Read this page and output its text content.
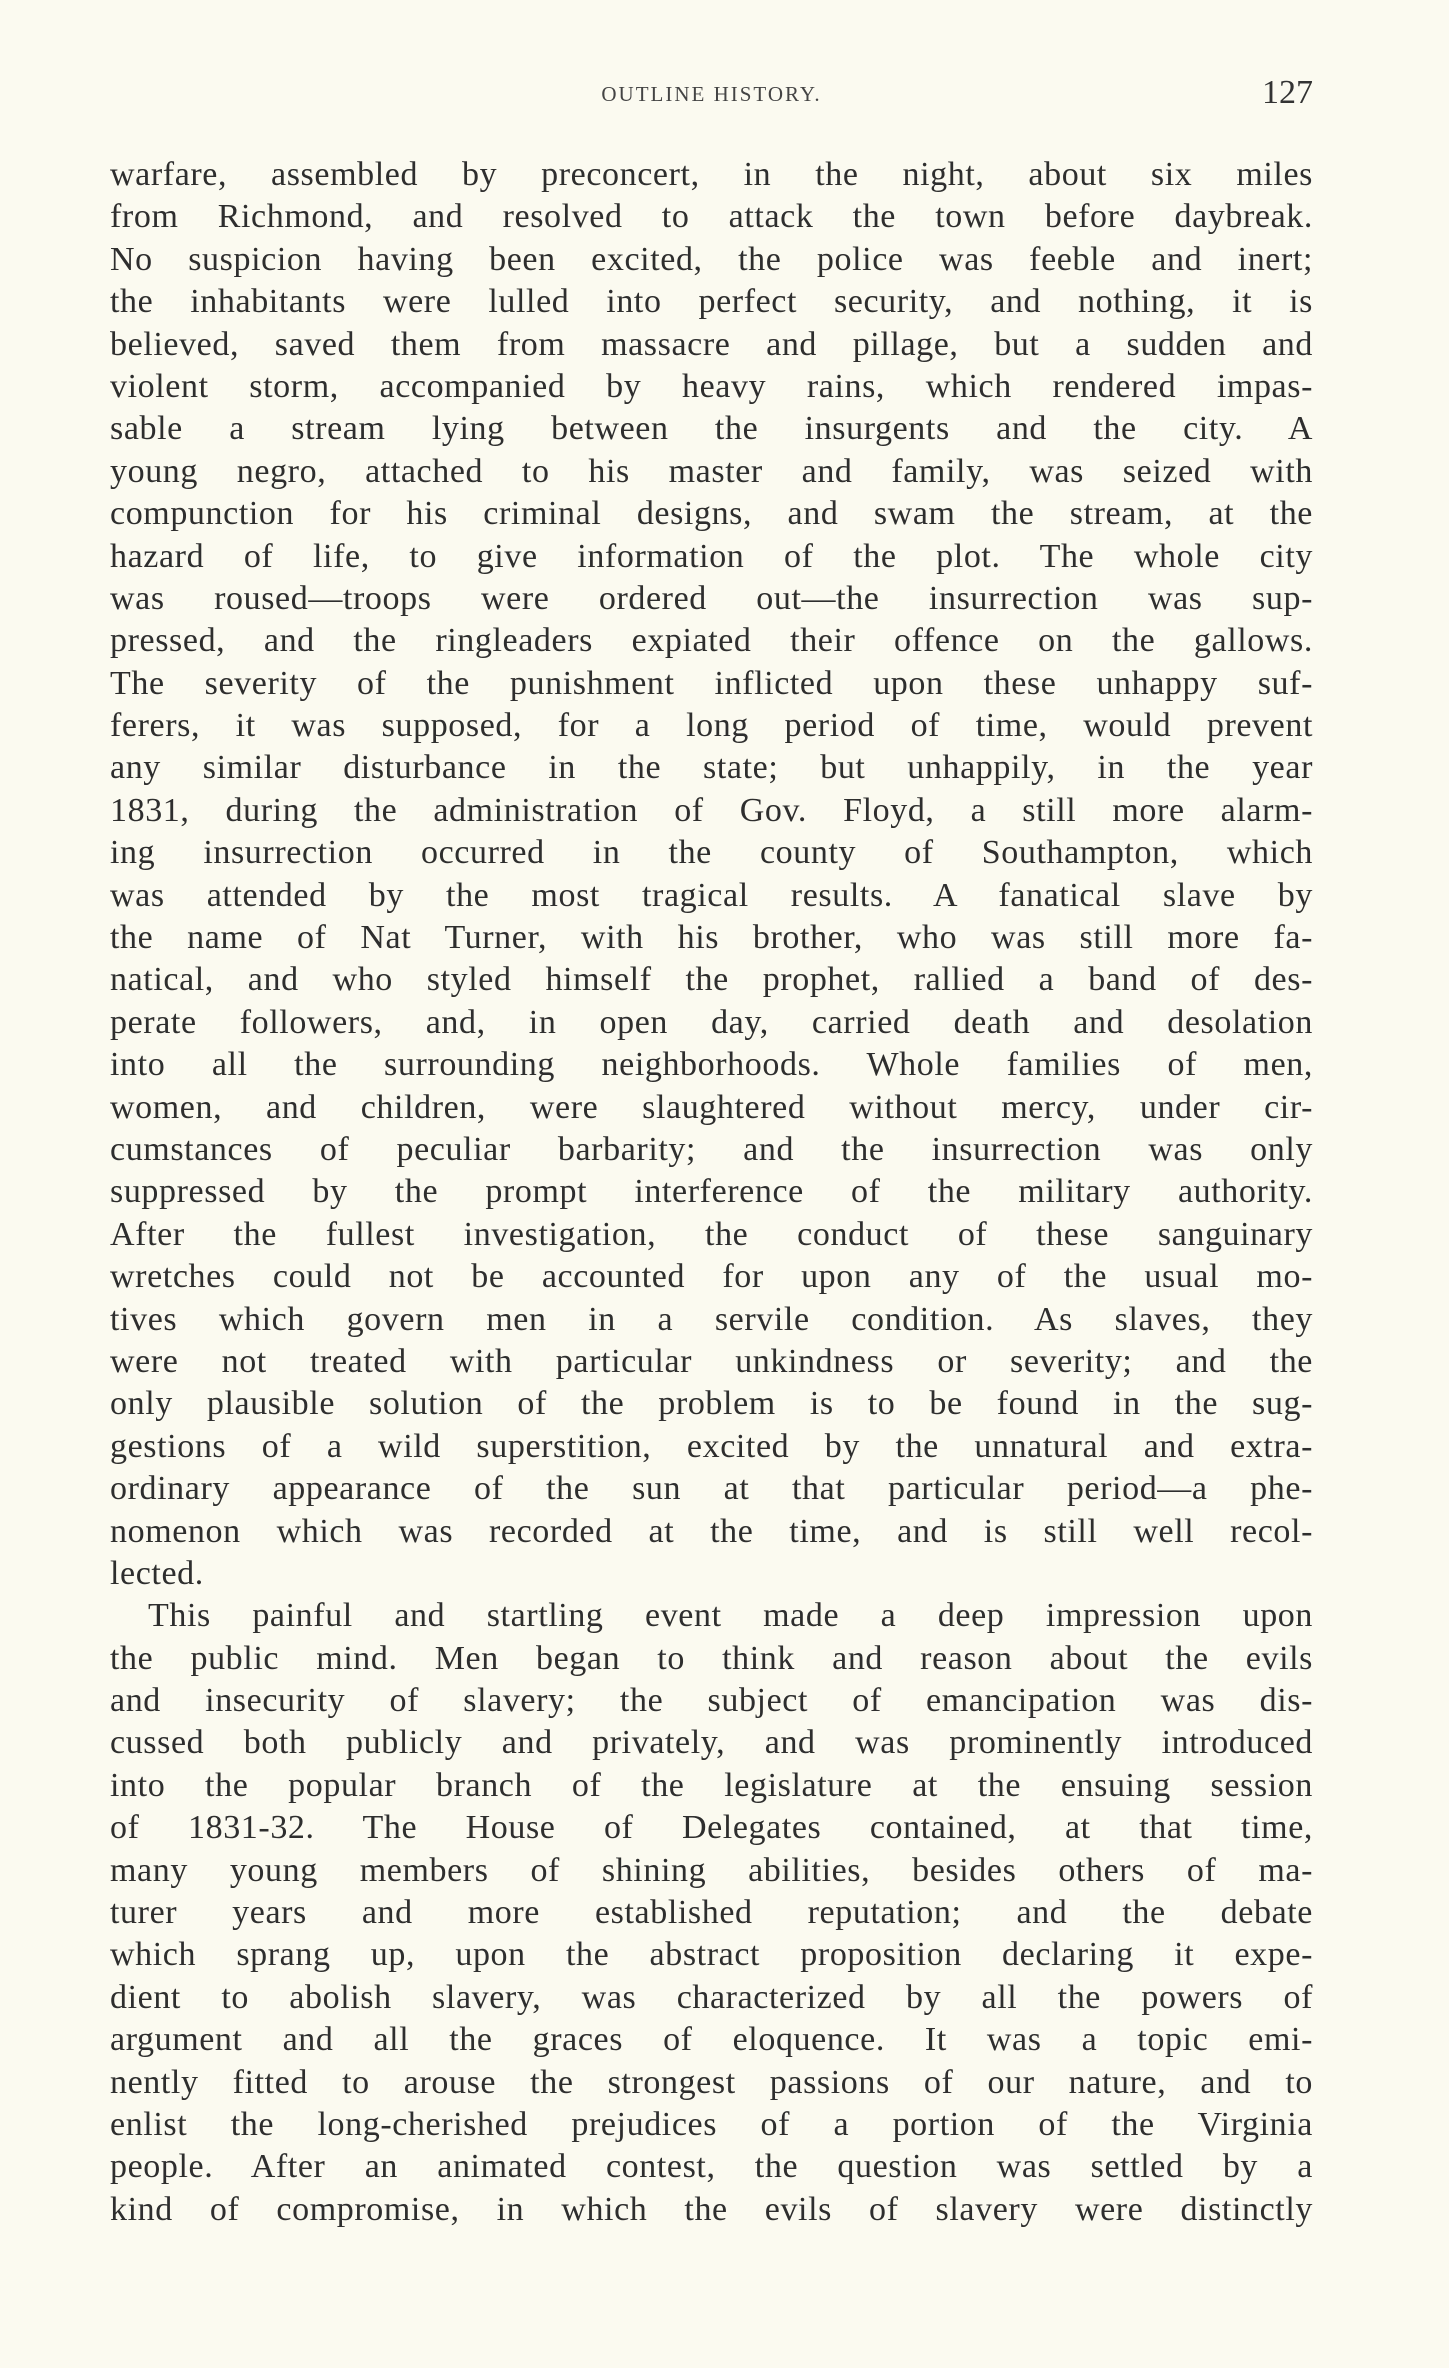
OUTLINE HISTORY.	127
warfare, assembled by preconcert, in the night, about six miles
from Richmond, and resolved to attack the town before daybreak.
No suspicion having been excited, the police was feeble and inert;
the inhabitants were lulled into perfect security, and nothing, it is
believed, saved them from massacre and pillage, but a sudden and
violent storm, accompanied by heavy rains, which rendered impas-
sable a stream lying between the insurgents and the city. A
young negro, attached to his master and family, was seized with
compunction for his criminal designs, and swam the stream, at the
hazard of life, to give information of the plot. The whole city
was roused—troops were ordered out—the insurrection was sup-
pressed, and the ringleaders expiated their offence on the gallows.
The severity of the punishment inflicted upon these unhappy suf-
ferers, it was supposed, for a long period of time, would prevent
any similar disturbance in the state; but unhappily, in the year
1831, during the administration of Gov. Floyd, a still more alarm-
ing insurrection occurred in the county of Southampton, which
was attended by the most tragical results. A fanatical slave by
the name of Nat Turner, with his brother, who was still more fa-
natical, and who styled himself the prophet, rallied a band of des-
perate followers, and, in open day, carried death and desolation
into all the surrounding neighborhoods. Whole families of men,
women, and children, were slaughtered without mercy, under cir-
cumstances of peculiar barbarity; and the insurrection was only
suppressed by the prompt interference of the military authority.
After the fullest investigation, the conduct of these sanguinary
wretches could not be accounted for upon any of the usual mo-
tives which govern men in a servile condition. As slaves, they
were not treated with particular unkindness or severity; and the
only plausible solution of the problem is to be found in the sug-
gestions of a wild superstition, excited by the unnatural and extra-
ordinary appearance of the sun at that particular period—a phe-
nomenon which was recorded at the time, and is still well recol-
lected.
This painful and startling event made a deep impression upon
the public mind. Men began to think and reason about the evils
and insecurity of slavery; the subject of emancipation was dis-
cussed both publicly and privately, and was prominently introduced
into the popular branch of the legislature at the ensuing session
of 1831-32. The House of Delegates contained, at that time,
many young members of shining abilities, besides others of ma-
turer years and more established reputation; and the debate
which sprang up, upon the abstract proposition declaring it expe-
dient to abolish slavery, was characterized by all the powers of
argument and all the graces of eloquence. It was a topic emi-
nently fitted to arouse the strongest passions of our nature, and to
enlist the long-cherished prejudices of a portion of the Virginia
people. After an animated contest, the question was settled by a
kind of compromise, in which the evils of slavery were distinctly
